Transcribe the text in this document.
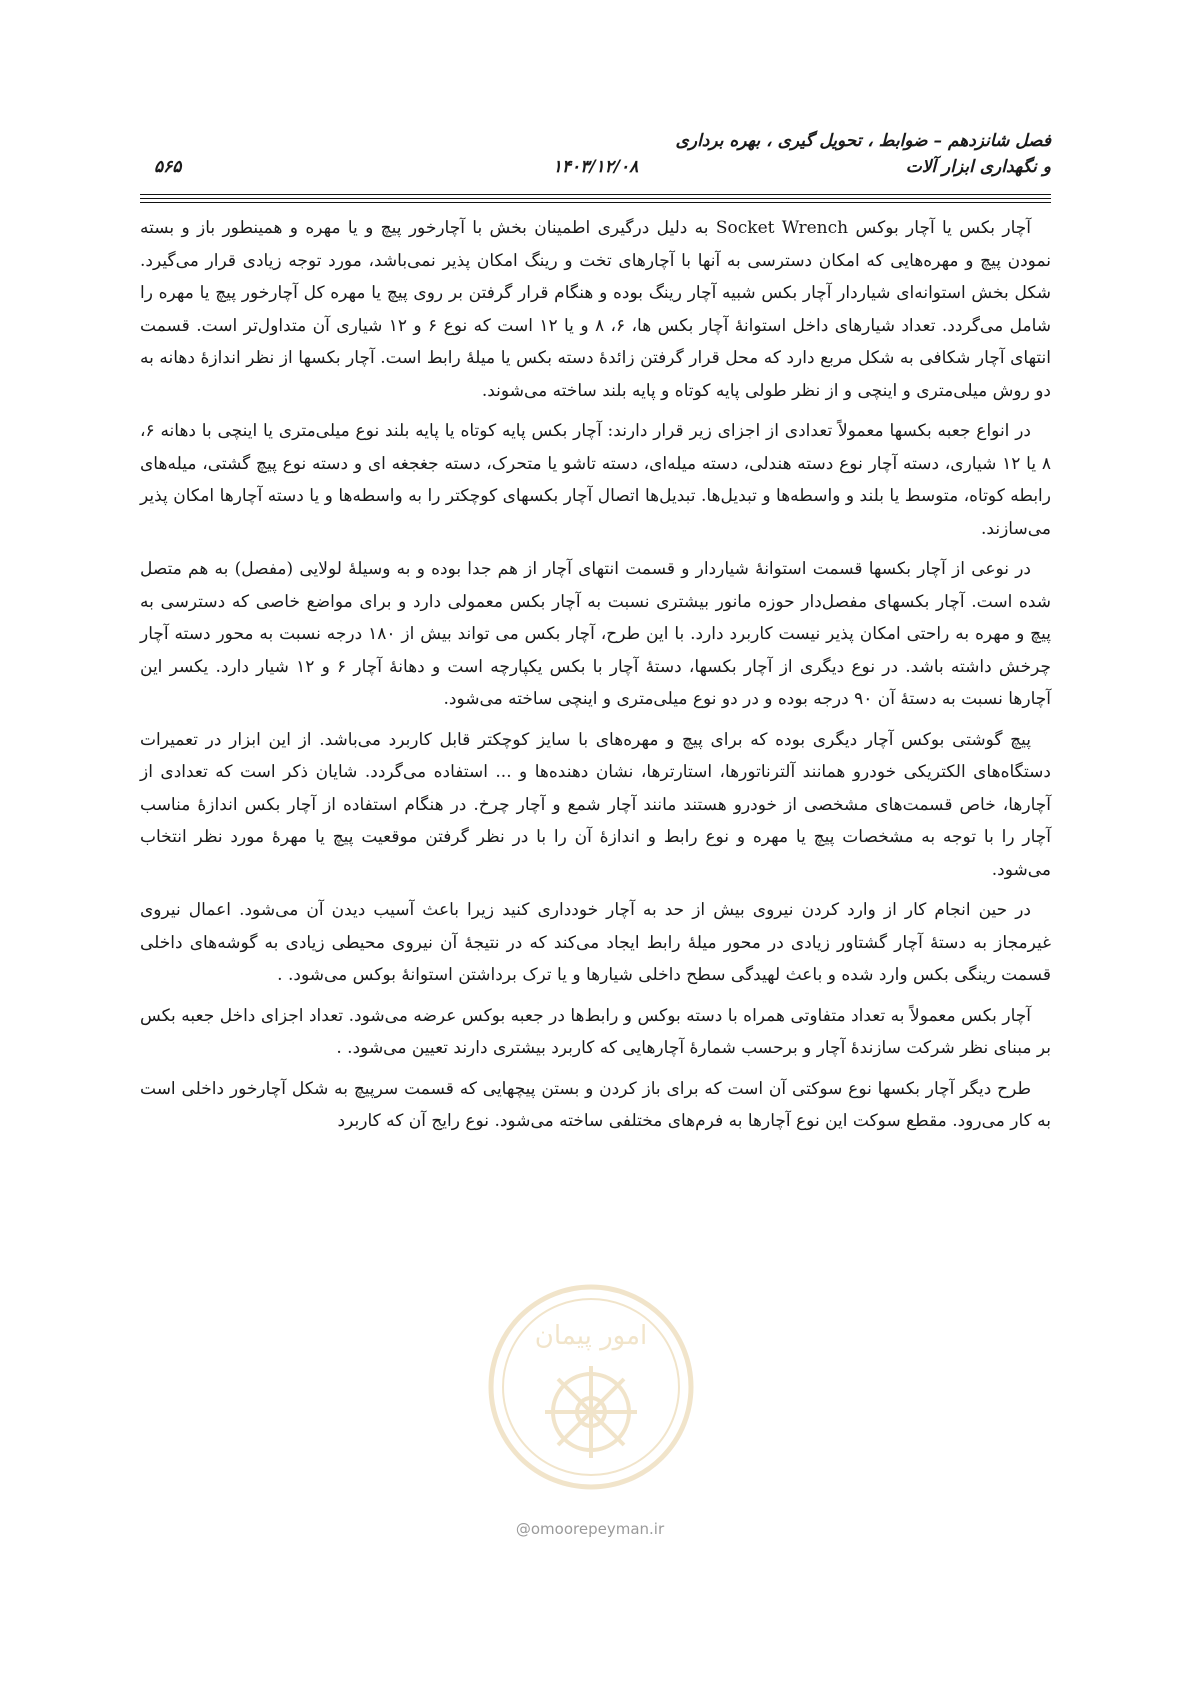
فصل شانزدهم – ضوابط ، تحویل گیری ، بهره برداری
و نگهداری ابزار آلات
۱۴۰۳/۱۲/۰۸
۵۶۵

آچار بکس یا آچار بوکس Socket Wrench به دلیل درگیری اطمینان بخش با آچارخور پیچ و یا مهره و همینطور باز و بسته نمودن پیچ و مهره‌هایی که امکان دسترسی به آنها با آچارهای تخت و رینگ امکان پذیر نمی‌باشد، مورد توجه زیادی قرار می‌گیرد. شکل بخش استوانه‌ای شیاردار آچار بکس شبیه آچار رینگ بوده و هنگام قرار گرفتن بر روی پیچ یا مهره کل آچارخور پیچ یا مهره را شامل می‌گردد. تعداد شیارهای داخل استوانهٔ آچار بکس ها، ۶، ۸ و یا ۱۲ است که نوع ۶ و ۱۲ شیاری آن متداول‌تر است. قسمت انتهای آچار شکافی به شکل مربع دارد که محل قرار گرفتن زائدهٔ دسته بکس یا میلهٔ رابط است. آچار بکسها از نظر اندازهٔ دهانه به دو روش میلی‌متری و اینچی و از نظر طولی پایه کوتاه و پایه بلند ساخته می‌شوند.

در انواع جعبه بکسها معمولاً تعدادی از اجزای زیر قرار دارند: آچار بکس پایه کوتاه یا پایه بلند نوع میلی‌متری یا اینچی با دهانه ۶، ۸ یا ۱۲ شیاری، دسته آچار نوع دسته هندلی، دسته میله‌ای، دسته تاشو یا متحرک، دسته جغجغه ای و دسته نوع پیچ گشتی، میله‌های رابطه کوتاه، متوسط یا بلند و واسطه‌ها و تبدیل‌ها. تبدیل‌ها اتصال آچار بکسهای کوچکتر را به واسطه‌ها و یا دسته آچارها امکان پذیر می‌سازند.

در نوعی از آچار بکسها قسمت استوانهٔ شیاردار و قسمت انتهای آچار از هم جدا بوده و به وسیلهٔ لولایی (مفصل) به هم متصل شده است. آچار بکسهای مفصل‌دار حوزه مانور بیشتری نسبت به آچار بکس معمولی دارد و برای مواضع خاصی که دسترسی به پیچ و مهره به راحتی امکان پذیر نیست کاربرد دارد. با این طرح، آچار بکس می تواند بیش از ۱۸۰ درجه نسبت به محور دسته آچار چرخش داشته باشد. در نوع دیگری از آچار بکسها، دستهٔ آچار با بکس یکپارچه است و دهانهٔ آچار ۶ و ۱۲ شیار دارد. یکسر این آچارها نسبت به دستهٔ آن ۹۰ درجه بوده و در دو نوع میلی‌متری و اینچی ساخته می‌شود.

پیچ گوشتی بوکس آچار دیگری بوده که برای پیچ و مهره‌های با سایز کوچکتر قابل کاربرد می‌باشد. از این ابزار در تعمیرات دستگاه‌های الکتریکی خودرو همانند آلترناتورها، استارترها، نشان دهنده‌ها و ... استفاده می‌گردد. شایان ذکر است که تعدادی از آچارها، خاص قسمت‌های مشخصی از خودرو هستند مانند آچار شمع و آچار چرخ. در هنگام استفاده از آچار بکس اندازهٔ مناسب آچار را با توجه به مشخصات پیچ یا مهره و نوع رابط و اندازهٔ آن را با در نظر گرفتن موقعیت پیچ یا مهرهٔ مورد نظر انتخاب می‌شود.

در حین انجام کار از وارد کردن نیروی بیش از حد به آچار خودداری کنید زیرا باعث آسیب دیدن آن می‌شود. اعمال نیروی غیرمجاز به دستهٔ آچار گشتاور زیادی در محور میلهٔ رابط ایجاد می‌کند که در نتیجهٔ آن نیروی محیطی زیادی به گوشه‌های داخلی قسمت رینگی بکس وارد شده و باعث لهیدگی سطح داخلی شیارها و یا ترک برداشتن استوانهٔ بوکس می‌شود. .

آچار بکس معمولاً به تعداد متفاوتی همراه با دسته بوکس و رابط‌ها در جعبه بوکس عرضه می‌شود. تعداد اجزای داخل جعبه بکس بر مبنای نظر شرکت سازندهٔ آچار و برحسب شمارهٔ آچارهایی که کاربرد بیشتری دارند تعیین می‌شود. .

طرح دیگر آچار بکسها نوع سوکتی آن است که برای باز کردن و بستن پیچهایی که قسمت سرپیچ به شکل آچارخور داخلی است به کار می‌رود. مقطع سوکت این نوع آچارها به فرم‌های مختلفی ساخته می‌شود. نوع رایج آن که کاربرد

امور پیمان
@omoorepeyman.ir
